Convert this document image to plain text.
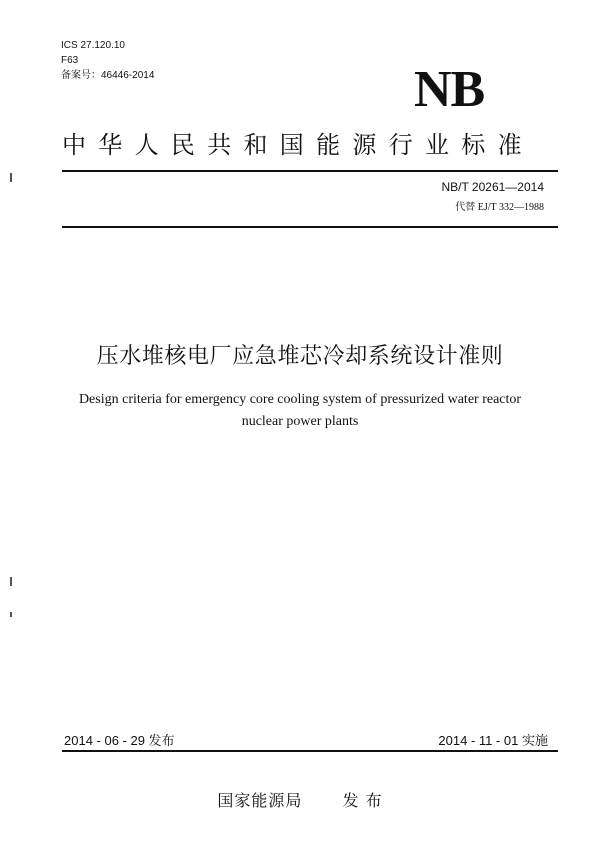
ICS 27.120.10
F63
备案号：46446-2014	NB
中华人民共和国能源行业标准
NB/T 20261—2014
代替 EJ/T 332—1988
压水堆核电厂应急堆芯冷却系统设计准则
Design criteria for emergency core cooling system of pressurized water reactor
nuclear power plants
2014 - 06 - 29 发布	2014 - 11 - 01 实施
国家能源局	发 布
